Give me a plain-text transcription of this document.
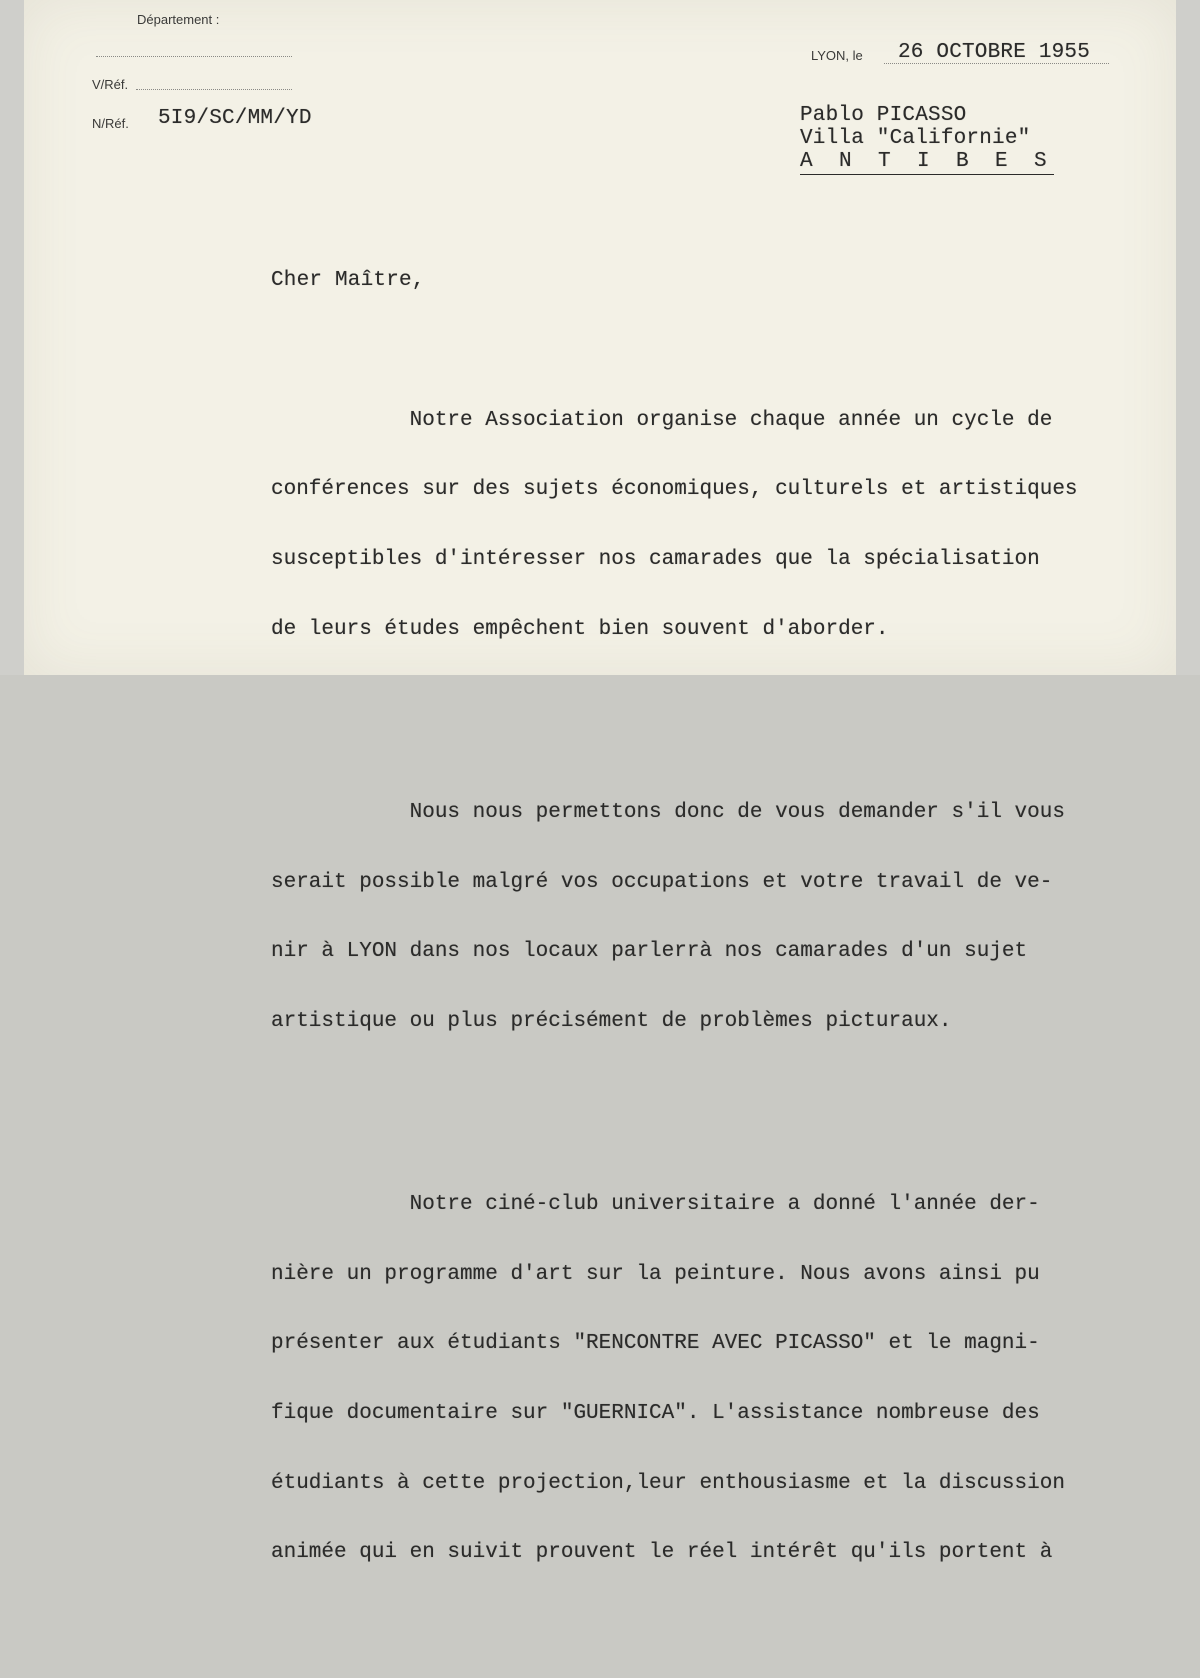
Département :
V/Réf.
N/Réf. 5I9/SC/MM/YD
LYON, le 26 OCTOBRE 1955
Pablo PICASSO
Villa "Californie"
A N T I B E S
Cher Maître,

Notre Association organise chaque année un cycle de

conférences sur des sujets économiques, culturels et artistiques

susceptibles d'intéresser nos camarades que la spécialisation

de leurs études empêchent bien souvent d'aborder.

Nous nous permettons donc de vous demander s'il vous

serait possible malgré vos occupations et votre travail de ve-

nir à LYON dans nos locaux parlerrà nos camarades d'un sujet

artistique ou plus précisément de problèmes picturaux.

Notre ciné-club universitaire a donné l'année der-

nière un programme d'art sur la peinture. Nous avons ainsi pu

présenter aux étudiants "RENCONTRE AVEC PICASSO" et le magni-

fique documentaire sur "GUERNICA". L'assistance nombreuse des

étudiants à cette projection,leur enthousiasme et la discussion

animée qui en suivit prouvent le réel intérêt qu'ils portent à
